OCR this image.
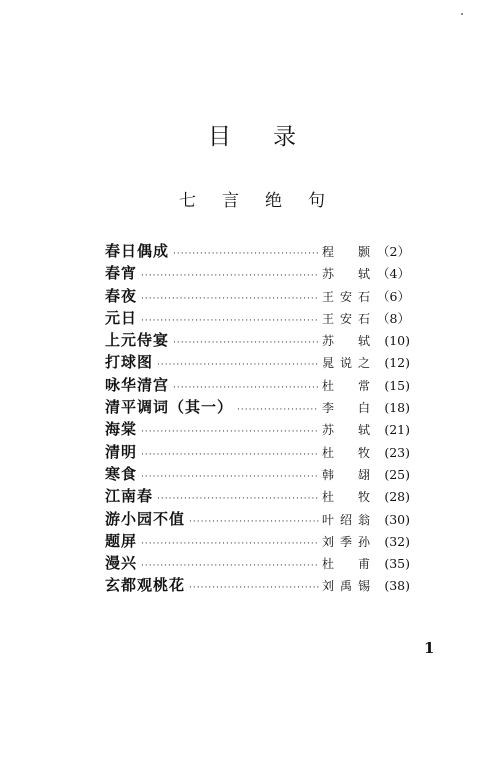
目录
七言绝句
春日偶成 ·····	程颢 （2）
春宵 ·····	苏轼 （4）
春夜 ·····	王安石 （6）
元日 ·····	王安石 （8）
上元侍宴 ·····	苏轼	(10)
打球图 ·····	晁说之	(12)
咏华清宫 ·····	杜常	(15)
清平调词（其一） ·····	李白	(18)
海棠 ·····	苏轼	(21)
清明 ·····	杜牧	(23)
寒食 ·····	韩翃	(25)
江南春 ·····	杜牧	(28)
游小园不值 ·····	叶绍翁	(30)
题屏 ·····	刘季孙	(32)
漫兴 ·····	杜甫	(35)
玄都观桃花 ·····	刘禹锡	(38)
1
